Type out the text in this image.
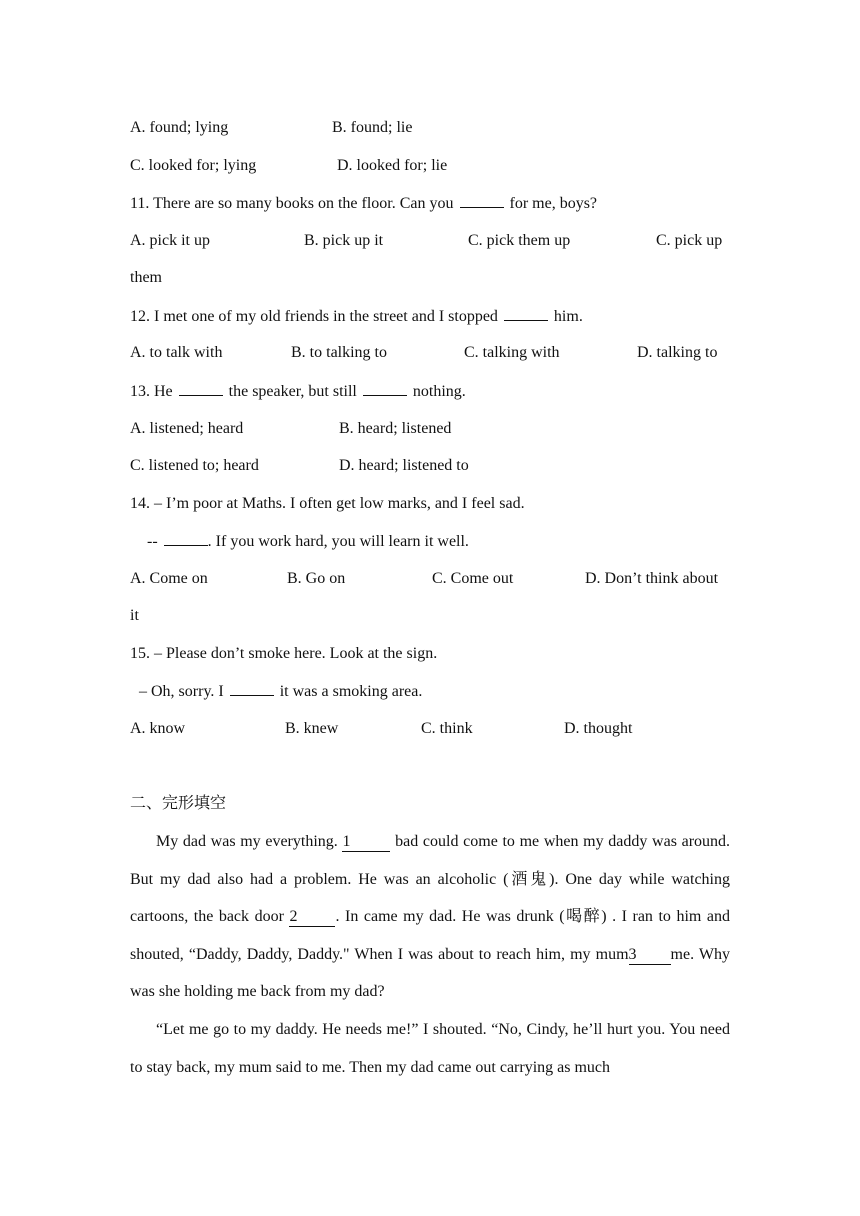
A. found; lying	B. found; lie
C. looked for; lying	D. looked for; lie
11. There are so many books on the floor. Can you	for me, boys?
A. pick it up	B. pick up it	C. pick them up	C. pick up
them
12. I met one of my old friends in the street and I stopped	him.
A. to talk with	B. to talking to	C. talking with	D. talking to
13. He	the speaker, but still	nothing.
A. listened; heard	B. heard; listened
C. listened to; heard	D. heard; listened to
14. – I’m poor at Maths. I often get low marks, and I feel sad.
--	. If you work hard, you will learn it well.
A. Come on	B. Go on	C. Come out	D. Don’t think about
it
15. – Please don’t smoke here. Look at the sign.
– Oh, sorry. I	it was a smoking area.
A. know	B. knew	C. think	D. thought
二、完形填空
My dad was my everything. 1	bad could come to me when my daddy was around. But my dad also had a problem. He was an alcoholic (酒鬼). One day while watching cartoons, the back door 2 . In came my dad. He was drunk (喝醉) . I ran to him and shouted, “Daddy, Daddy, Daddy." When I was about to reach him, my mum3 me. Why was she holding me back from my dad?
“Let me go to my daddy. He needs me!” I shouted. “No, Cindy, he’ll hurt you. You need to stay back, my mum said to me. Then my dad came out carrying as much
